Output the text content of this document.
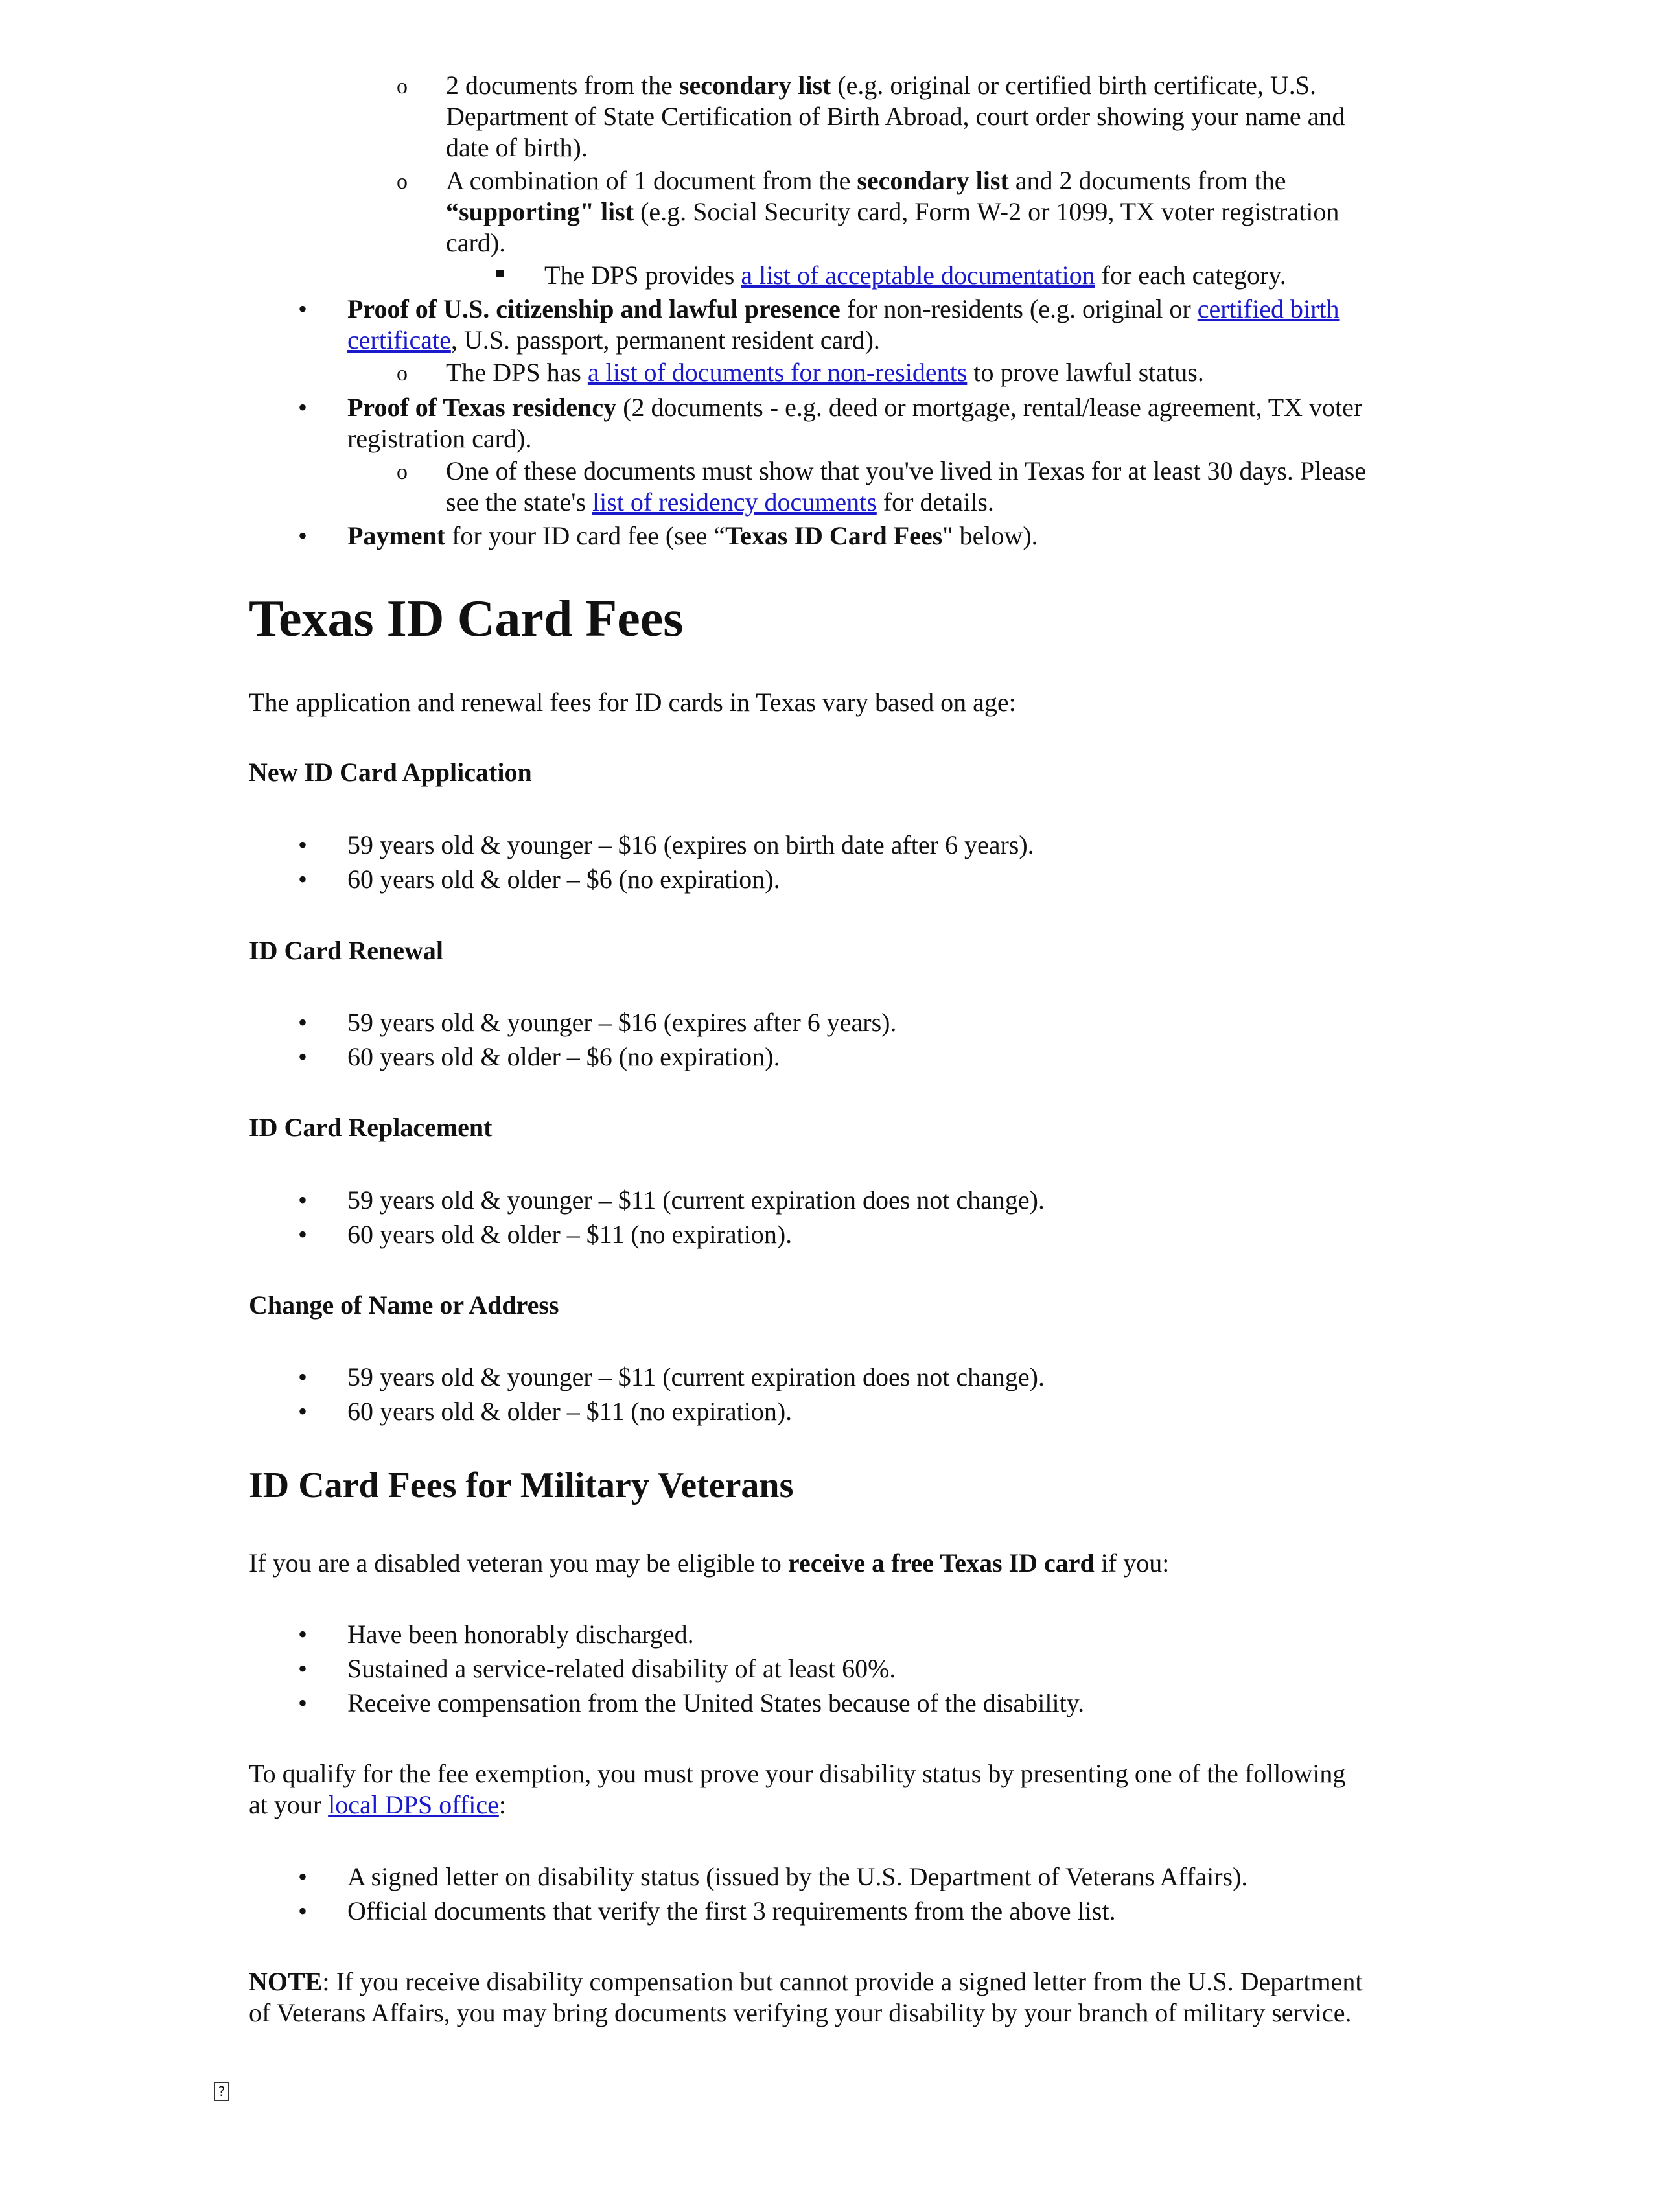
o 2 documents from the secondary list (e.g. original or certified birth certificate, U.S.
Department of State Certification of Birth Abroad, court order showing your name and
date of birth).
o A combination of 1 document from the secondary list and 2 documents from the
“supporting" list (e.g. Social Security card, Form W-2 or 1099, TX voter registration
card).
The DPS provides a list of acceptable documentation for each category.
• Proof of U.S. citizenship and lawful presence for non-residents (e.g. original or certified birth
certificate, U.S. passport, permanent resident card).
o The DPS has a list of documents for non-residents to prove lawful status.
• Proof of Texas residency (2 documents - e.g. deed or mortgage, rental/lease agreement, TX voter
registration card).
o One of these documents must show that you've lived in Texas for at least 30 days. Please
see the state's list of residency documents for details.
• Payment for your ID card fee (see “Texas ID Card Fees" below).
Texas ID Card Fees
The application and renewal fees for ID cards in Texas vary based on age:
New ID Card Application
• 59 years old & younger – $16 (expires on birth date after 6 years).
• 60 years old & older – $6 (no expiration).
ID Card Renewal
• 59 years old & younger – $16 (expires after 6 years).
• 60 years old & older – $6 (no expiration).
ID Card Replacement
• 59 years old & younger – $11 (current expiration does not change).
• 60 years old & older – $11 (no expiration).
Change of Name or Address
• 59 years old & younger – $11 (current expiration does not change).
• 60 years old & older – $11 (no expiration).
ID Card Fees for Military Veterans
If you are a disabled veteran you may be eligible to receive a free Texas ID card if you:
• Have been honorably discharged.
• Sustained a service-related disability of at least 60%.
• Receive compensation from the United States because of the disability.
To qualify for the fee exemption, you must prove your disability status by presenting one of the following
at your local DPS office:
• A signed letter on disability status (issued by the U.S. Department of Veterans Affairs).
• Official documents that verify the first 3 requirements from the above list.
NOTE: If you receive disability compensation but cannot provide a signed letter from the U.S. Department
of Veterans Affairs, you may bring documents verifying your disability by your branch of military service.
?
